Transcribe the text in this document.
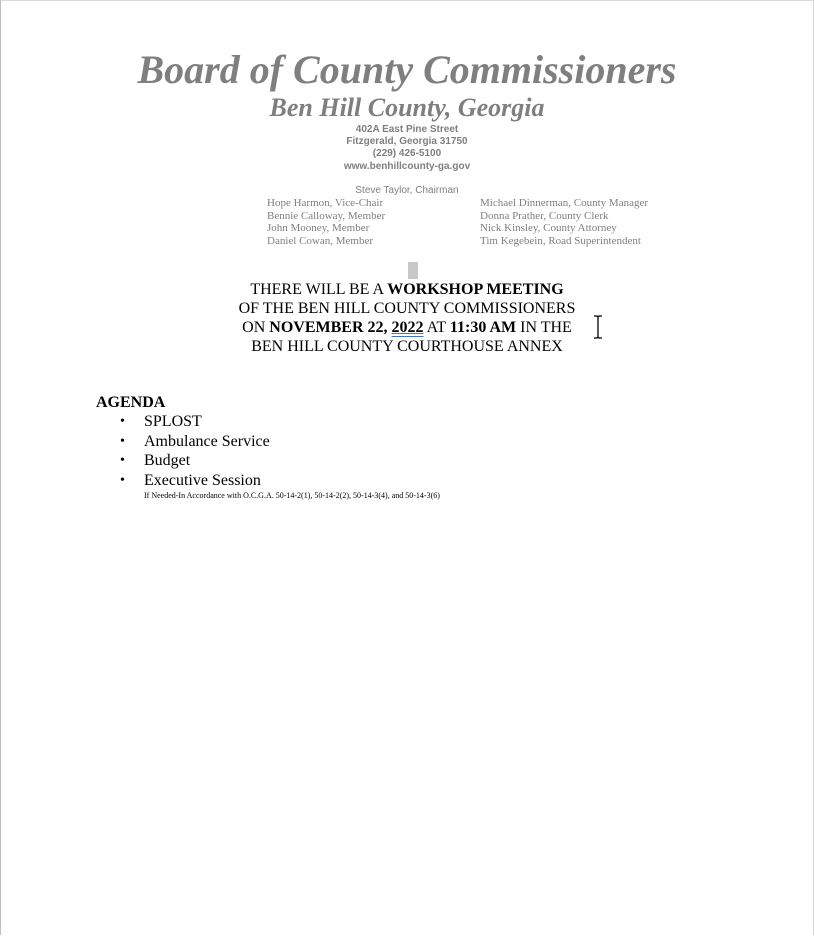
Board of County Commissioners
Ben Hill County, Georgia
402A East Pine Street
Fitzgerald, Georgia 31750
(229) 426-5100
www.benhillcounty-ga.gov
Steve Taylor, Chairman
Hope Harmon, Vice-Chair
Bennie Calloway, Member
John Mooney, Member
Daniel Cowan, Member
Michael Dinnerman, County Manager
Donna Prather, County Clerk
Nick Kinsley, County Attorney
Tim Kegebein, Road Superintendent
THERE WILL BE A WORKSHOP MEETING
OF THE BEN HILL COUNTY COMMISSIONERS
ON NOVEMBER 22, 2022 AT 11:30 AM IN THE
BEN HILL COUNTY COURTHOUSE ANNEX
AGENDA
• SPLOST
• Ambulance Service
• Budget
• Executive Session
If Needed-In Accordance with O.C.G.A. 50-14-2(1), 50-14-2(2), 50-14-3(4), and 50-14-3(6)
